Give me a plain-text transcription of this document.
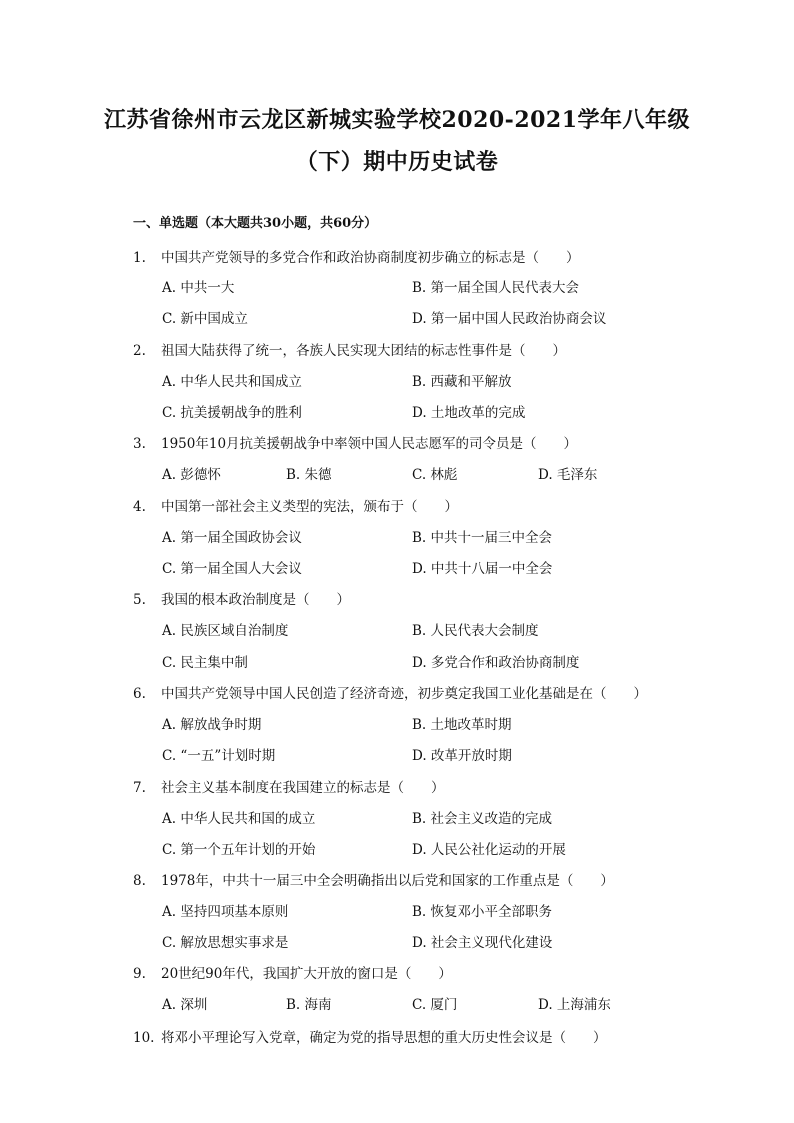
江苏省徐州市云龙区新城实验学校2020-2021学年八年级
（下）期中历史试卷
一、单选题（本大题共30小题，共60分）
1. 中国共产党领导的多党合作和政治协商制度初步确立的标志是（　　）
A. 中共一大	B. 第一届全国人民代表大会
C. 新中国成立	D. 第一届中国人民政治协商会议
2. 祖国大陆获得了统一，各族人民实现大团结的标志性事件是（　　）
A. 中华人民共和国成立	B. 西藏和平解放
C. 抗美援朝战争的胜利	D. 土地改革的完成
3. 1950年10月抗美援朝战争中率领中国人民志愿军的司令员是（　　）
A. 彭德怀	B. 朱德	C. 林彪	D. 毛泽东
4. 中国第一部社会主义类型的宪法，颁布于（　　）
A. 第一届全国政协会议	B. 中共十一届三中全会
C. 第一届全国人大会议	D. 中共十八届一中全会
5. 我国的根本政治制度是（　　）
A. 民族区域自治制度	B. 人民代表大会制度
C. 民主集中制	D. 多党合作和政治协商制度
6. 中国共产党领导中国人民创造了经济奇迹，初步奠定我国工业化基础是在（　　）
A. 解放战争时期	B. 土地改革时期
C. “一五”计划时期	D. 改革开放时期
7. 社会主义基本制度在我国建立的标志是（　　）
A. 中华人民共和国的成立	B. 社会主义改造的完成
C. 第一个五年计划的开始	D. 人民公社化运动的开展
8. 1978年，中共十一届三中全会明确指出以后党和国家的工作重点是（　　）
A. 坚持四项基本原则	B. 恢复邓小平全部职务
C. 解放思想实事求是	D. 社会主义现代化建设
9. 20世纪90年代，我国扩大开放的窗口是（　　）
A. 深圳	B. 海南	C. 厦门	D. 上海浦东
10. 将邓小平理论写入党章，确定为党的指导思想的重大历史性会议是（　　）
